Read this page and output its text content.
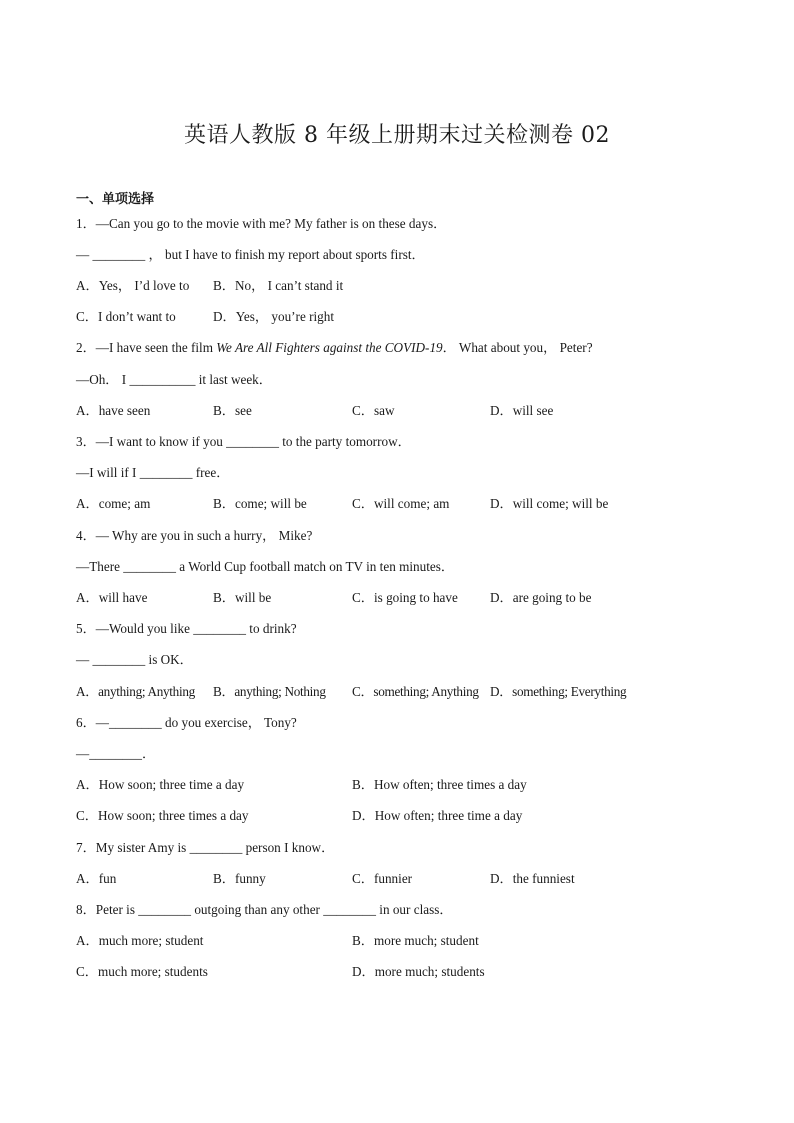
英语人教版 8 年级上册期末过关检测卷 02
一、单项选择
1．—Can you go to the movie with me? My father is on these days．
— ________ ， but I have to finish my report about sports first．
A．Yes， I’d love to B．No， I can’t stand it
C．I don’t want to	D．Yes， you’re right
2．—I have seen the film We Are All Fighters against the COVID-19． What about you， Peter?
—Oh． I __________ it last week．
A．have seen	B．see	C．saw	D．will see
3．—I want to know if you ________ to the party tomorrow．
—I will if I ________ free．
A．come; am	B．come; will be	C．will come; am	D．will come; will be
4．— Why are you in such a hurry， Mike?
—There ________ a World Cup football match on TV in ten minutes．
A．will have	B．will be	C．is going to have D．are going to be
5．—Would you like ________ to drink?
— ________ is OK．
A．anything; Anything B．anything; Nothing C．something; Anything D．something; Everything
6．—________ do you exercise， Tony?
—________．
A．How soon; three time a day	B．How often; three times a day
C．How soon; three times a day	D．How often; three time a day
7．My sister Amy is ________ person I know．
A．fun	B．funny	C．funnier	D．the funniest
8．Peter is ________ outgoing than any other ________ in our class．
A．much more; student	B．more much; student
C．much more; students	D．more much; students
